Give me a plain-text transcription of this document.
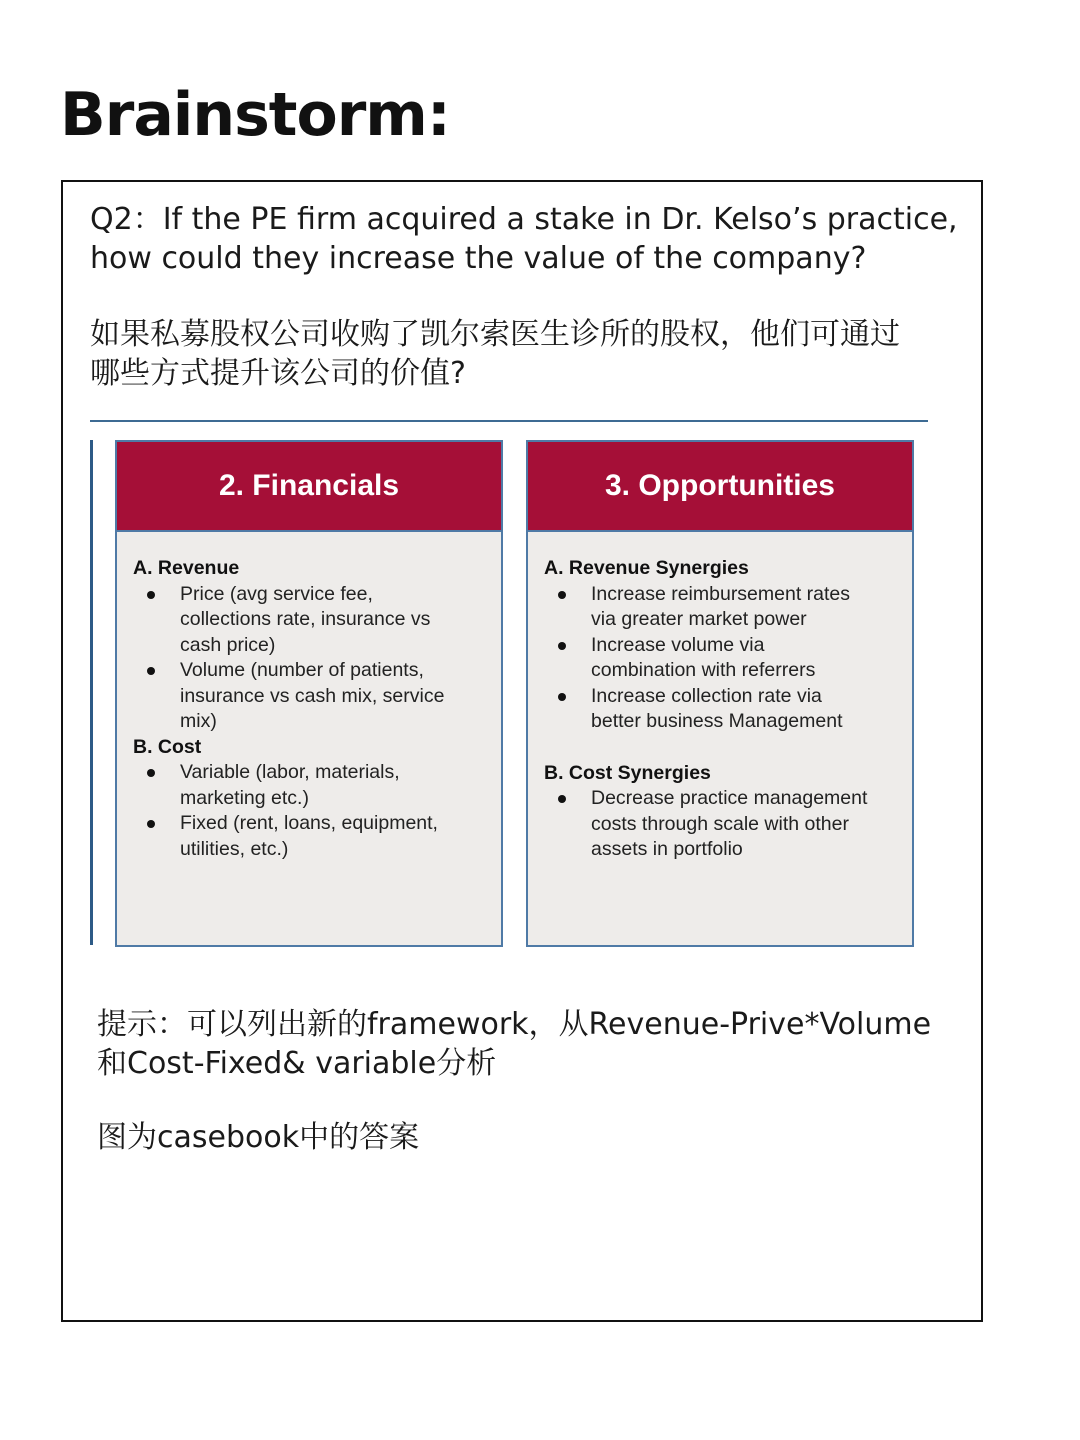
Brainstorm:
Q2：If the PE firm acquired a stake in Dr. Kelso’s practice,
how could they increase the value of the company?
如果私募股权公司收购了凯尔索医生诊所的股权，他们可通过
哪些方式提升该公司的价值?
2. Financials
A. Revenue
Price (avg service fee,
collections rate, insurance vs
cash price)
Volume (number of patients,
insurance vs cash mix, service
mix)
B. Cost
Variable (labor, materials,
marketing etc.)
Fixed (rent, loans, equipment,
utilities, etc.)
3. Opportunities
A. Revenue Synergies
Increase reimbursement rates
via greater market power
Increase volume via
combination with referrers
Increase collection rate via
better business Management
B. Cost Synergies
Decrease practice management
costs through scale with other
assets in portfolio
提示：可以列出新的framework，从Revenue-Prive*Volume
和Cost-Fixed& variable分析
图为casebook中的答案
